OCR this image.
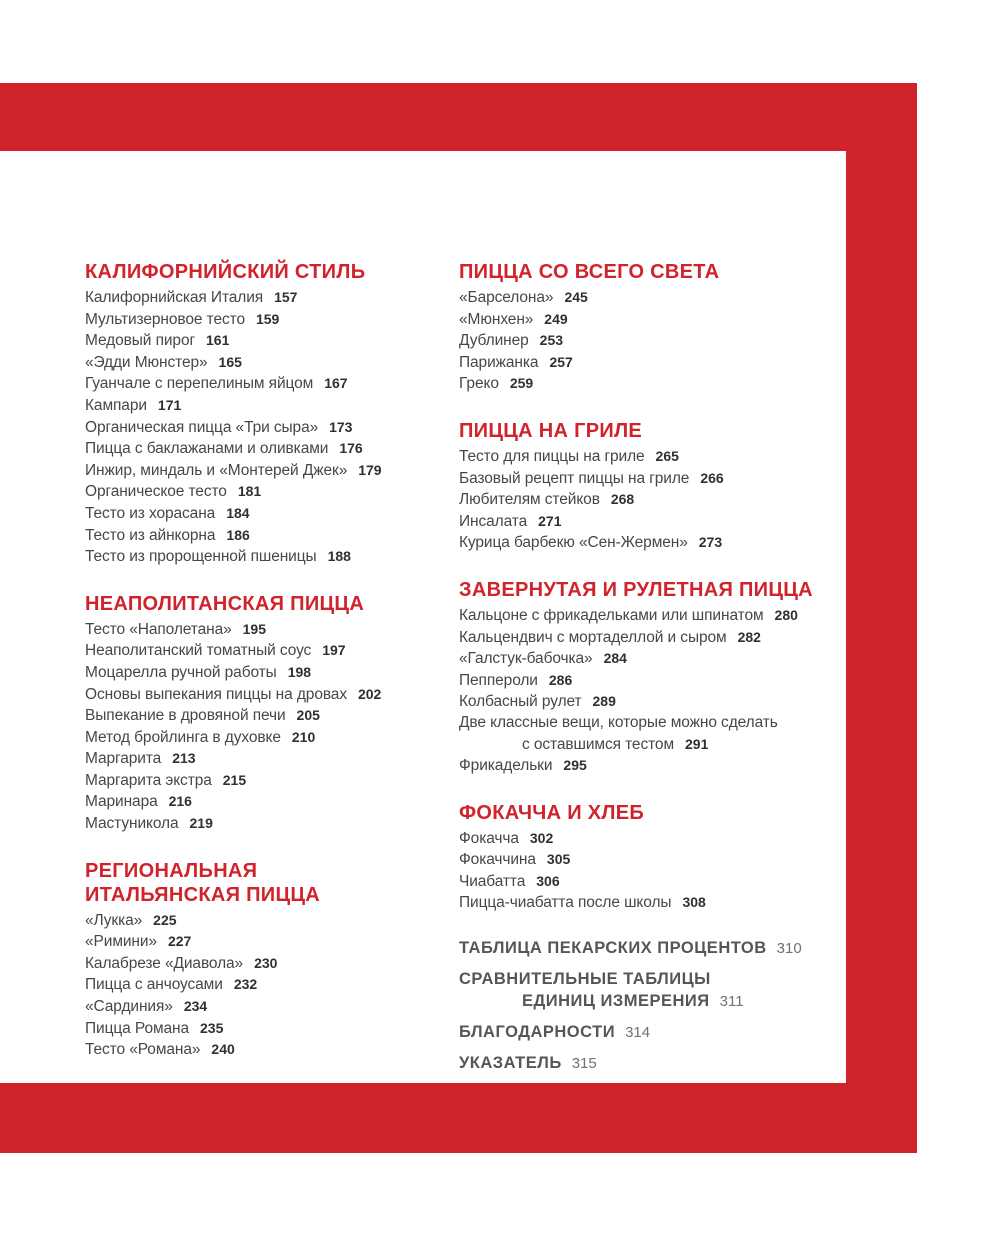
КАЛИФОРНИЙСКИЙ СТИЛЬ
Калифорнийская Италия 157
Мультизерновое тесто 159
Медовый пирог 161
«Эдди Мюнстер» 165
Гуанчале с перепелиным яйцом 167
Кампари 171
Органическая пицца «Три сыра» 173
Пицца с баклажанами и оливками 176
Инжир, миндаль и «Монтерей Джек» 179
Органическое тесто 181
Тесто из хорасана 184
Тесто из айнкорна 186
Тесто из пророщенной пшеницы 188
НЕАПОЛИТАНСКАЯ ПИЦЦА
Тесто «Наполетана» 195
Неаполитанский томатный соус 197
Моцарелла ручной работы 198
Основы выпекания пиццы на дровах 202
Выпекание в дровяной печи 205
Метод бройлинга в духовке 210
Маргарита 213
Маргарита экстра 215
Маринара 216
Мастуникола 219
РЕГИОНАЛЬНАЯ
ИТАЛЬЯНСКАЯ ПИЦЦА
«Лукка» 225
«Римини» 227
Калабрезе «Диавола» 230
Пицца с анчоусами 232
«Сардиния» 234
Пицца Романа 235
Тесто «Романа» 240
ПИЦЦА СО ВСЕГО СВЕТА
«Барселона» 245
«Мюнхен» 249
Дублинер 253
Парижанка 257
Греко 259
ПИЦЦА НА ГРИЛЕ
Тесто для пиццы на гриле 265
Базовый рецепт пиццы на гриле 266
Любителям стейков 268
Инсалата 271
Курица барбекю «Сен-Жермен» 273
ЗАВЕРНУТАЯ И РУЛЕТНАЯ ПИЦЦА
Кальцоне с фрикадельками или шпинатом 280
Кальцендвич с мортаделлой и сыром 282
«Галстук-бабочка» 284
Пеппероли 286
Колбасный рулет 289
Две классные вещи, которые можно сделать
с оставшимся тестом 291
Фрикадельки 295
ФОКАЧЧА И ХЛЕБ
Фокачча 302
Фокаччина 305
Чиабатта 306
Пицца-чиабатта после школы 308
ТАБЛИЦА ПЕКАРСКИХ ПРОЦЕНТОВ 310
СРАВНИТЕЛЬНЫЕ ТАБЛИЦЫ
ЕДИНИЦ ИЗМЕРЕНИЯ 311
БЛАГОДАРНОСТИ 314
УКАЗАТЕЛЬ 315
